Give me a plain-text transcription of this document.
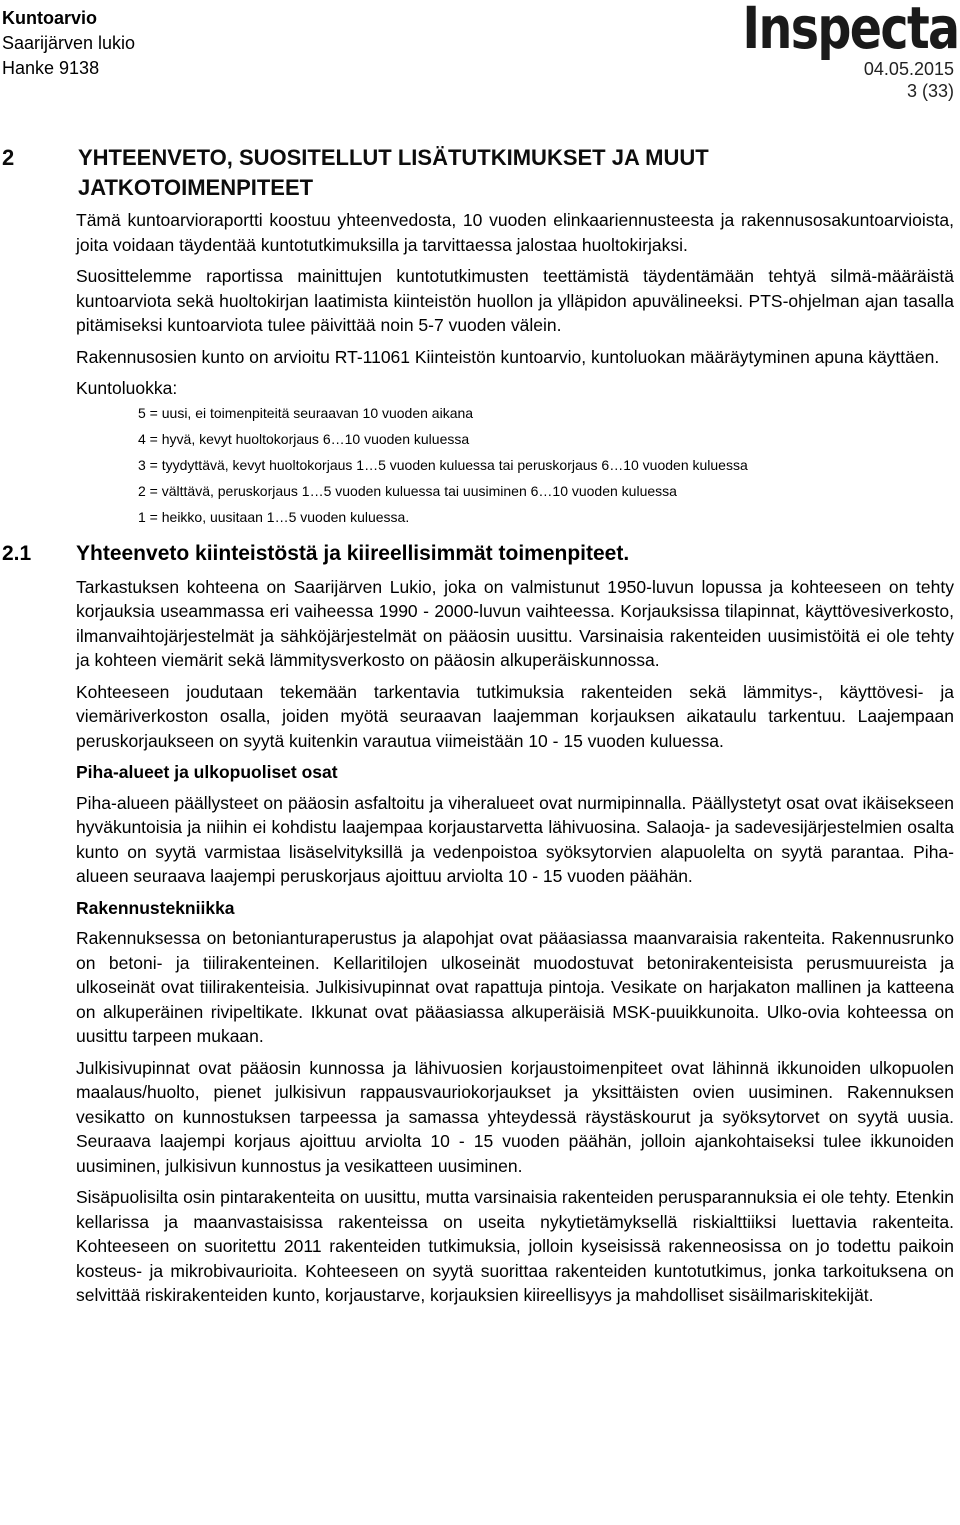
Kuntoarvio
Saarijärven lukio
Hanke 9138
Inspecta
04.05.2015
3 (33)
2	YHTEENVETO, SUOSITELLUT LISÄTUTKIMUKSET JA MUUT
JATKOTOIMENPITEET

Tämä kuntoarvioraportti koostuu yhteenvedosta, 10 vuoden elinkaariennusteesta ja rakennusosakuntoarvioista, joita voidaan täydentää kuntotutkimuksilla ja tarvittaessa jalostaa huoltokirjaksi.

Suosittelemme raportissa mainittujen kuntotutkimusten teettämistä täydentämään tehtyä silmä-määräistä kuntoarviota sekä huoltokirjan laatimista kiinteistön huollon ja ylläpidon apuvälineeksi. PTS-ohjelman ajan tasalla pitämiseksi kuntoarviota tulee päivittää noin 5-7 vuoden välein.

Rakennusosien kunto on arvioitu RT-11061 Kiinteistön kuntoarvio, kuntoluokan määräytyminen apuna käyttäen.

Kuntoluokka:

5 = uusi, ei toimenpiteitä seuraavan 10 vuoden aikana
4 = hyvä, kevyt huoltokorjaus 6…10 vuoden kuluessa
3 = tyydyttävä, kevyt huoltokorjaus 1…5 vuoden kuluessa tai peruskorjaus 6…10 vuoden kuluessa
2 = välttävä, peruskorjaus 1…5 vuoden kuluessa tai uusiminen 6…10 vuoden kuluessa
1 = heikko, uusitaan 1…5 vuoden kuluessa.
2.1 Yhteenveto kiinteistöstä ja kiireellisimmät toimenpiteet.

Tarkastuksen kohteena on Saarijärven Lukio, joka on valmistunut 1950-luvun lopussa ja kohteeseen on tehty korjauksia useammassa eri vaiheessa 1990 - 2000-luvun vaihteessa. Korjauksissa tilapinnat, käyttövesiverkosto, ilmanvaihtojärjestelmät ja sähköjärjestelmät on pääosin uusittu. Varsinaisia rakenteiden uusimistöitä ei ole tehty ja kohteen viemärit sekä lämmitysverkosto on pääosin alkuperäiskunnossa.

Kohteeseen joudutaan tekemään tarkentavia tutkimuksia rakenteiden sekä lämmitys-, käyttövesi- ja viemäriverkoston osalla, joiden myötä seuraavan laajemman korjauksen aikataulu tarkentuu. Laajempaan peruskorjaukseen on syytä kuitenkin varautua viimeistään 10 - 15 vuoden kuluessa.

Piha-alueet ja ulkopuoliset osat

Piha-alueen päällysteet on pääosin asfaltoitu ja viheralueet ovat nurmipinnalla. Päällystetyt osat ovat ikäisekseen hyväkuntoisia ja niihin ei kohdistu laajempaa korjaustarvetta lähivuosina. Salaoja- ja sadevesijärjestelmien osalta kunto on syytä varmistaa lisäselvityksillä ja vedenpoistoa syöksytorvien alapuolelta on syytä parantaa. Piha-alueen seuraava laajempi peruskorjaus ajoittuu arviolta 10 - 15 vuoden päähän.

Rakennustekniikka

Rakennuksessa on betonianturaperustus ja alapohjat ovat pääasiassa maanvaraisia rakenteita. Rakennusrunko on betoni- ja tiilirakenteinen. Kellaritilojen ulkoseinät muodostuvat betonirakenteisista perusmuureista ja ulkoseinät ovat tiilirakenteisia. Julkisivupinnat ovat rapattuja pintoja. Vesikate on harjakaton mallinen ja katteena on alkuperäinen rivipeltikate. Ikkunat ovat pääasiassa alkuperäisiä MSK-puuikkunoita. Ulko-ovia kohteessa on uusittu tarpeen mukaan.

Julkisivupinnat ovat pääosin kunnossa ja lähivuosien korjaustoimenpiteet ovat lähinnä ikkunoiden ulkopuolen maalaus/huolto, pienet julkisivun rappausvauriokorjaukset ja yksittäisten ovien uusiminen. Rakennuksen vesikatto on kunnostuksen tarpeessa ja samassa yhteydessä räystäskourut ja syöksytorvet on syytä uusia. Seuraava laajempi korjaus ajoittuu arviolta 10 - 15 vuoden päähän, jolloin ajankohtaiseksi tulee ikkunoiden uusiminen, julkisivun kunnostus ja vesikatteen uusiminen.

Sisäpuolisilta osin pintarakenteita on uusittu, mutta varsinaisia rakenteiden perusparannuksia ei ole tehty. Etenkin kellarissa ja maanvastaisissa rakenteissa on useita nykytietämyksellä riskialttiiksi luettavia rakenteita. Kohteeseen on suoritettu 2011 rakenteiden tutkimuksia, jolloin kyseisissä rakenneosissa on jo todettu paikoin kosteus- ja mikrobivaurioita. Kohteeseen on syytä suorittaa rakenteiden kuntotutkimus, jonka tarkoituksena on selvittää riskirakenteiden kunto, korjaustarve, korjauksien kiireellisyys ja mahdolliset sisäilmariskitekijät.
